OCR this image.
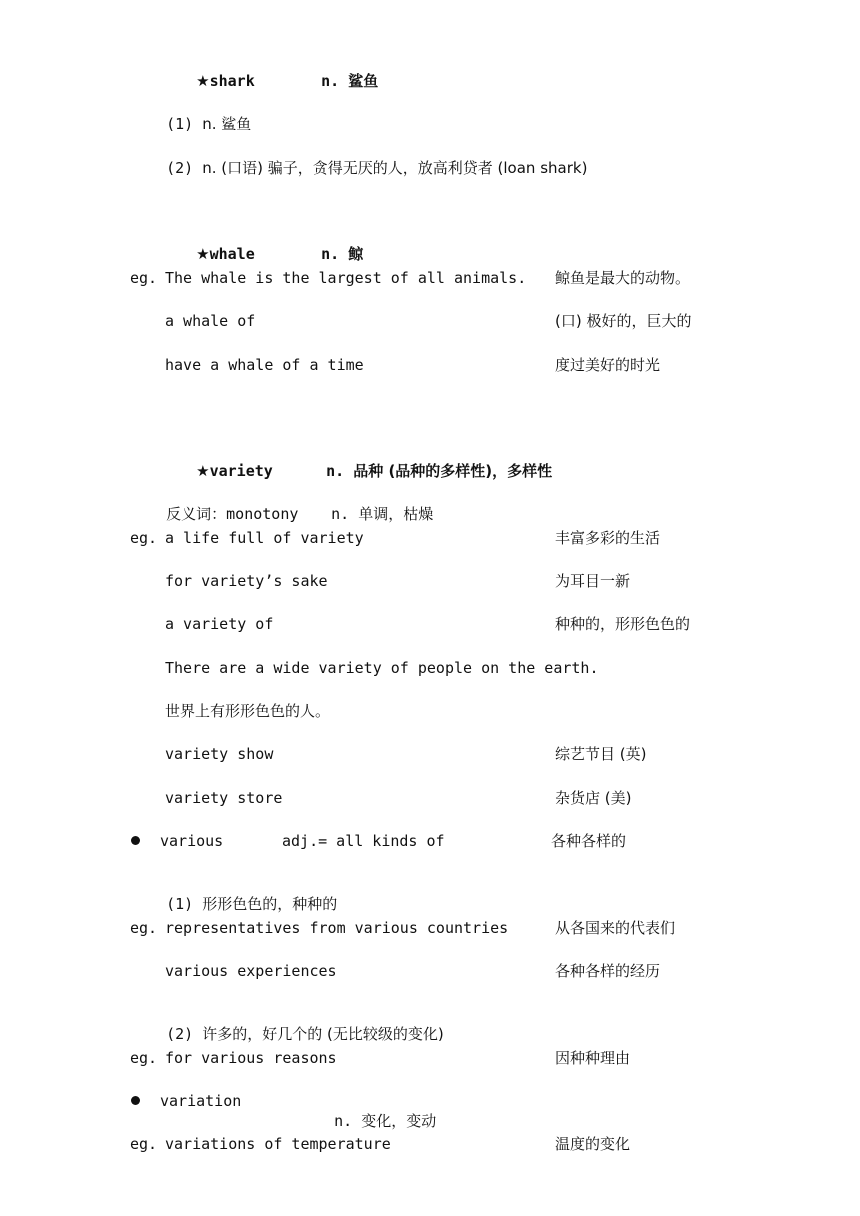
★shark
	n. 鲨鱼

(1) n. 鲨鱼

(2) n. (口语) 骗子，贪得无厌的人，放高利贷者 (loan shark)

★whale
	n. 鲸

eg. The whale is the largest of all animals. 鲸鱼是最大的动物。
a whale of	(口) 极好的，巨大的
have a whale of a time	度过美好的时光

★variety
	n. 品种 (品种的多样性)，多样性

反义词：monotony
	n. 单调，枯燥

eg. a life full of variety	丰富多彩的生活
for variety’s sake	为耳目一新
a variety of	种种的，形形色色的
There are a wide variety of people on the earth.
世界上有形形色色的人。
variety show	综艺节目 (英)
variety store	杂货店 (美)
various	adj.= all kinds of	各种各样的

(1) 形形色色的，种种的

eg. representatives from various countries	从各国来的代表们
various experiences	各种各样的经历

(2) 许多的，好几个的 (无比较级的变化)

eg. for various reasons	因种种理由
variation

n. 变化，变动

eg. variations of temperature	温度的变化
